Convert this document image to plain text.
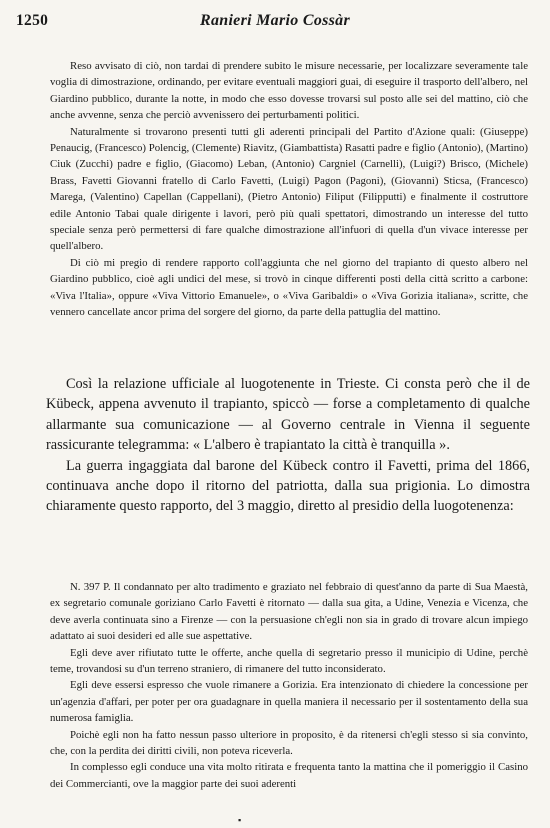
1250	Ranieri Mario Cossàr

Reso avvisato di ciò, non tardai di prendere subito le misure necessarie, per localizzare severamente tale voglia di dimostrazione, ordinando, per evitare eventuali maggiori guai, di eseguire il trasporto dell'albero, nel Giardino pubblico, durante la notte, in modo che esso dovesse trovarsi sul posto alle sei del mattino, ciò che anche avvenne, senza che perciò avvenissero dei perturbamenti politici.

Naturalmente si trovarono presenti tutti gli aderenti principali del Partito d'Azione quali: (Giuseppe) Penaucig, (Francesco) Polencig, (Clemente) Riavitz, (Giambattista) Rasatti padre e figlio (Antonio), (Martino) Ciuk (Zucchi) padre e figlio, (Giacomo) Leban, (Antonio) Cargniel (Carnelli), (Luigi?) Brisco, (Michele) Brass, Favetti Giovanni fratello di Carlo Favetti, (Luigi) Pagon (Pagoni), (Giovanni) Sticsa, (Francesco) Marega, (Valentino) Capellan (Cappellani), (Pietro Antonio) Filiput (Filipputti) e finalmente il costruttore edile Antonio Tabai quale dirigente i lavori, però più quali spettatori, dimostrando un interesse del tutto speciale senza però permettersi di fare qualche dimostrazione all'infuori di quella d'un vivace interesse per quell'albero.

Di ciò mi pregio di rendere rapporto coll'aggiunta che nel giorno del trapianto di questo albero nel Giardino pubblico, cioè agli undici del mese, si trovò in cinque differenti posti della città scritto a carbone: «Viva l'Italia», oppure «Viva Vittorio Emanuele», o «Viva Garibaldi» o «Viva Gorizia italiana», scritte, che vennero cancellate ancor prima del sorgere del giorno, da parte della pattuglia del mattino.

Così la relazione ufficiale al luogotenente in Trieste. Ci consta però che il de Kübeck, appena avvenuto il trapianto, spiccò — forse a completamento di qualche allarmante sua comunicazione — al Governo centrale in Vienna il seguente rassicurante telegramma: « L'albero è trapiantato la città è tranquilla ».

La guerra ingaggiata dal barone del Kübeck contro il Favetti, prima del 1866, continuava anche dopo il ritorno del patriotta, dalla sua prigionia. Lo dimostra chiaramente questo rapporto, del 3 maggio, diretto al presidio della luogotenenza:

N. 397 P. Il condannato per alto tradimento e graziato nel febbraio di quest'anno da parte di Sua Maestà, ex segretario comunale goriziano Carlo Favetti è ritornato — dalla sua gita, a Udine, Venezia e Vicenza, che deve averla continuata sino a Firenze — con la persuasione ch'egli non sia in grado di trovare alcun impiego adattato ai suoi desideri ed alle sue aspettative.

Egli deve aver rifiutato tutte le offerte, anche quella di segretario presso il municipio di Udine, perchè teme, trovandosi su d'un terreno straniero, di rimanere del tutto inconsiderato.

Egli deve essersi espresso che vuole rimanere a Gorizia. Era intenzionato di chiedere la concessione per un'agenzia d'affari, per poter per ora guadagnare in quella maniera il necessario per il sostentamento della sua numerosa famiglia.

Poichè egli non ha fatto nessun passo ulteriore in proposito, è da ritenersi ch'egli stesso si sia convinto, che, con la perdita dei diritti civili, non poteva riceverla.

In complesso egli conduce una vita molto ritirata e frequenta tanto la mattina che il pomeriggio il Casino dei Commercianti, ove la maggior parte dei suoi aderenti

▪
